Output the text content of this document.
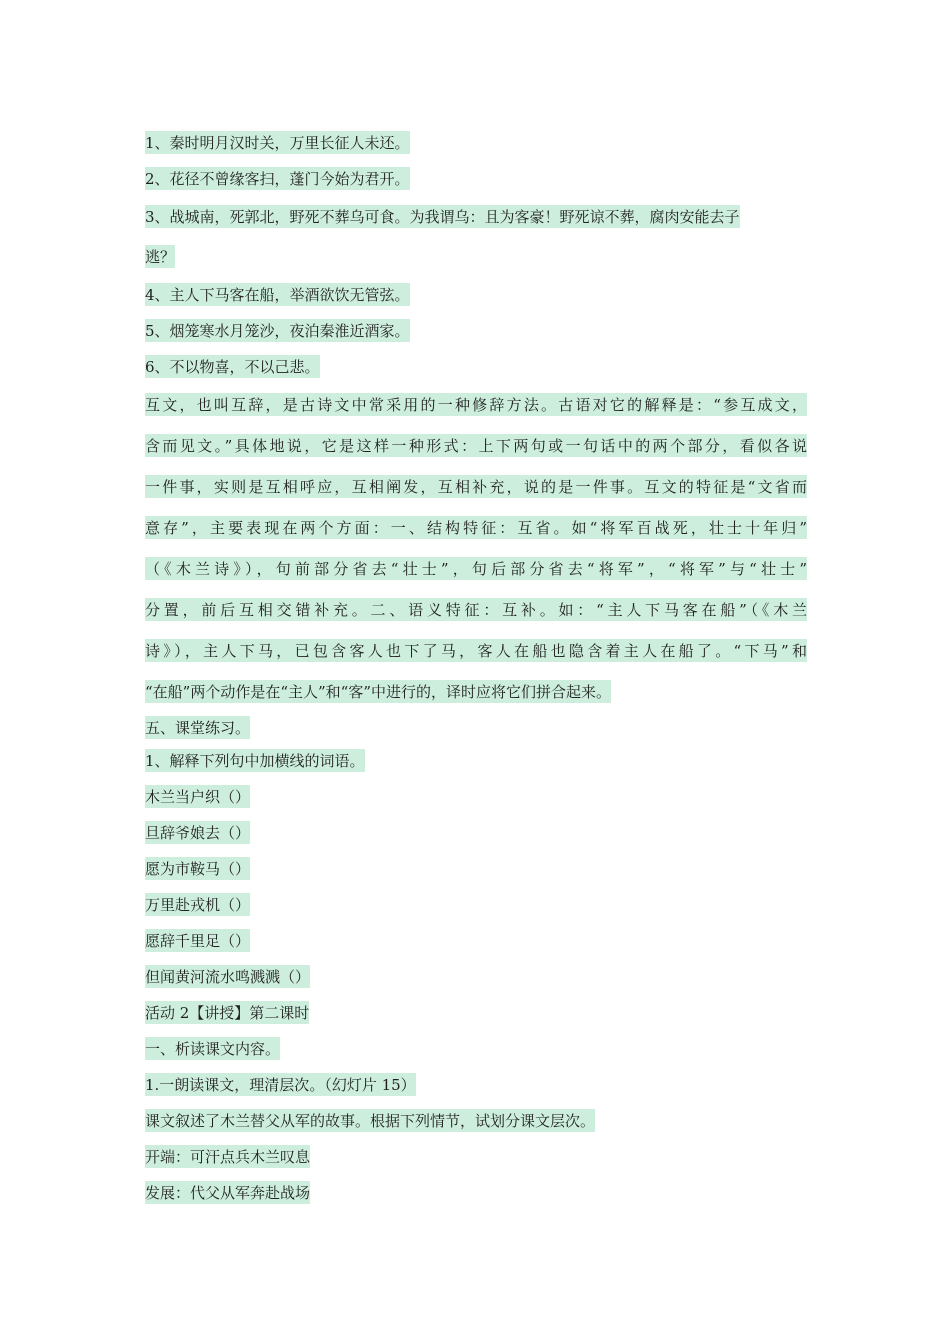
1、秦时明月汉时关，万里长征人未还。
2、花径不曾缘客扫，蓬门今始为君开。
3、战城南，死郭北，野死不葬乌可食。为我谓乌：且为客豪！野死谅不葬，腐肉安能去子
逃？
4、主人下马客在船，举酒欲饮无管弦。
5、烟笼寒水月笼沙，夜泊秦淮近酒家。
6、不以物喜，不以己悲。
互文，也叫互辞，是古诗文中常采用的一种修辞方法。古语对它的解释是：“参互成文，
含而见文。”具体地说，它是这样一种形式：上下两句或一句话中的两个部分，看似各说
一件事，实则是互相呼应，互相阐发，互相补充，说的是一件事。互文的特征是“文省而
意存”，主要表现在两个方面：一、结构特征：互省。如“将军百战死，壮士十年归”
（《木兰诗》），句前部分省去“壮士”，句后部分省去“将军”，“将军”与“壮士”
分置，前后互相交错补充。二、语义特征：互补。如：“主人下马客在船”（《木兰
诗》），主人下马，已包含客人也下了马，客人在船也隐含着主人在船了。“下马”和
“在船”两个动作是在“主人”和“客”中进行的，译时应将它们拼合起来。
五、课堂练习。
1、解释下列句中加横线的词语。
木兰当户织（）
旦辞爷娘去（）
愿为市鞍马（）
万里赴戎机（）
愿辞千里足（）
但闻黄河流水鸣溅溅（）
活动 2【讲授】第二课时
一、析读课文内容。
1.一朗读课文，理清层次。（幻灯片 15）
课文叙述了木兰替父从军的故事。根据下列情节，试划分课文层次。
开端：可汗点兵木兰叹息
发展：代父从军奔赴战场
